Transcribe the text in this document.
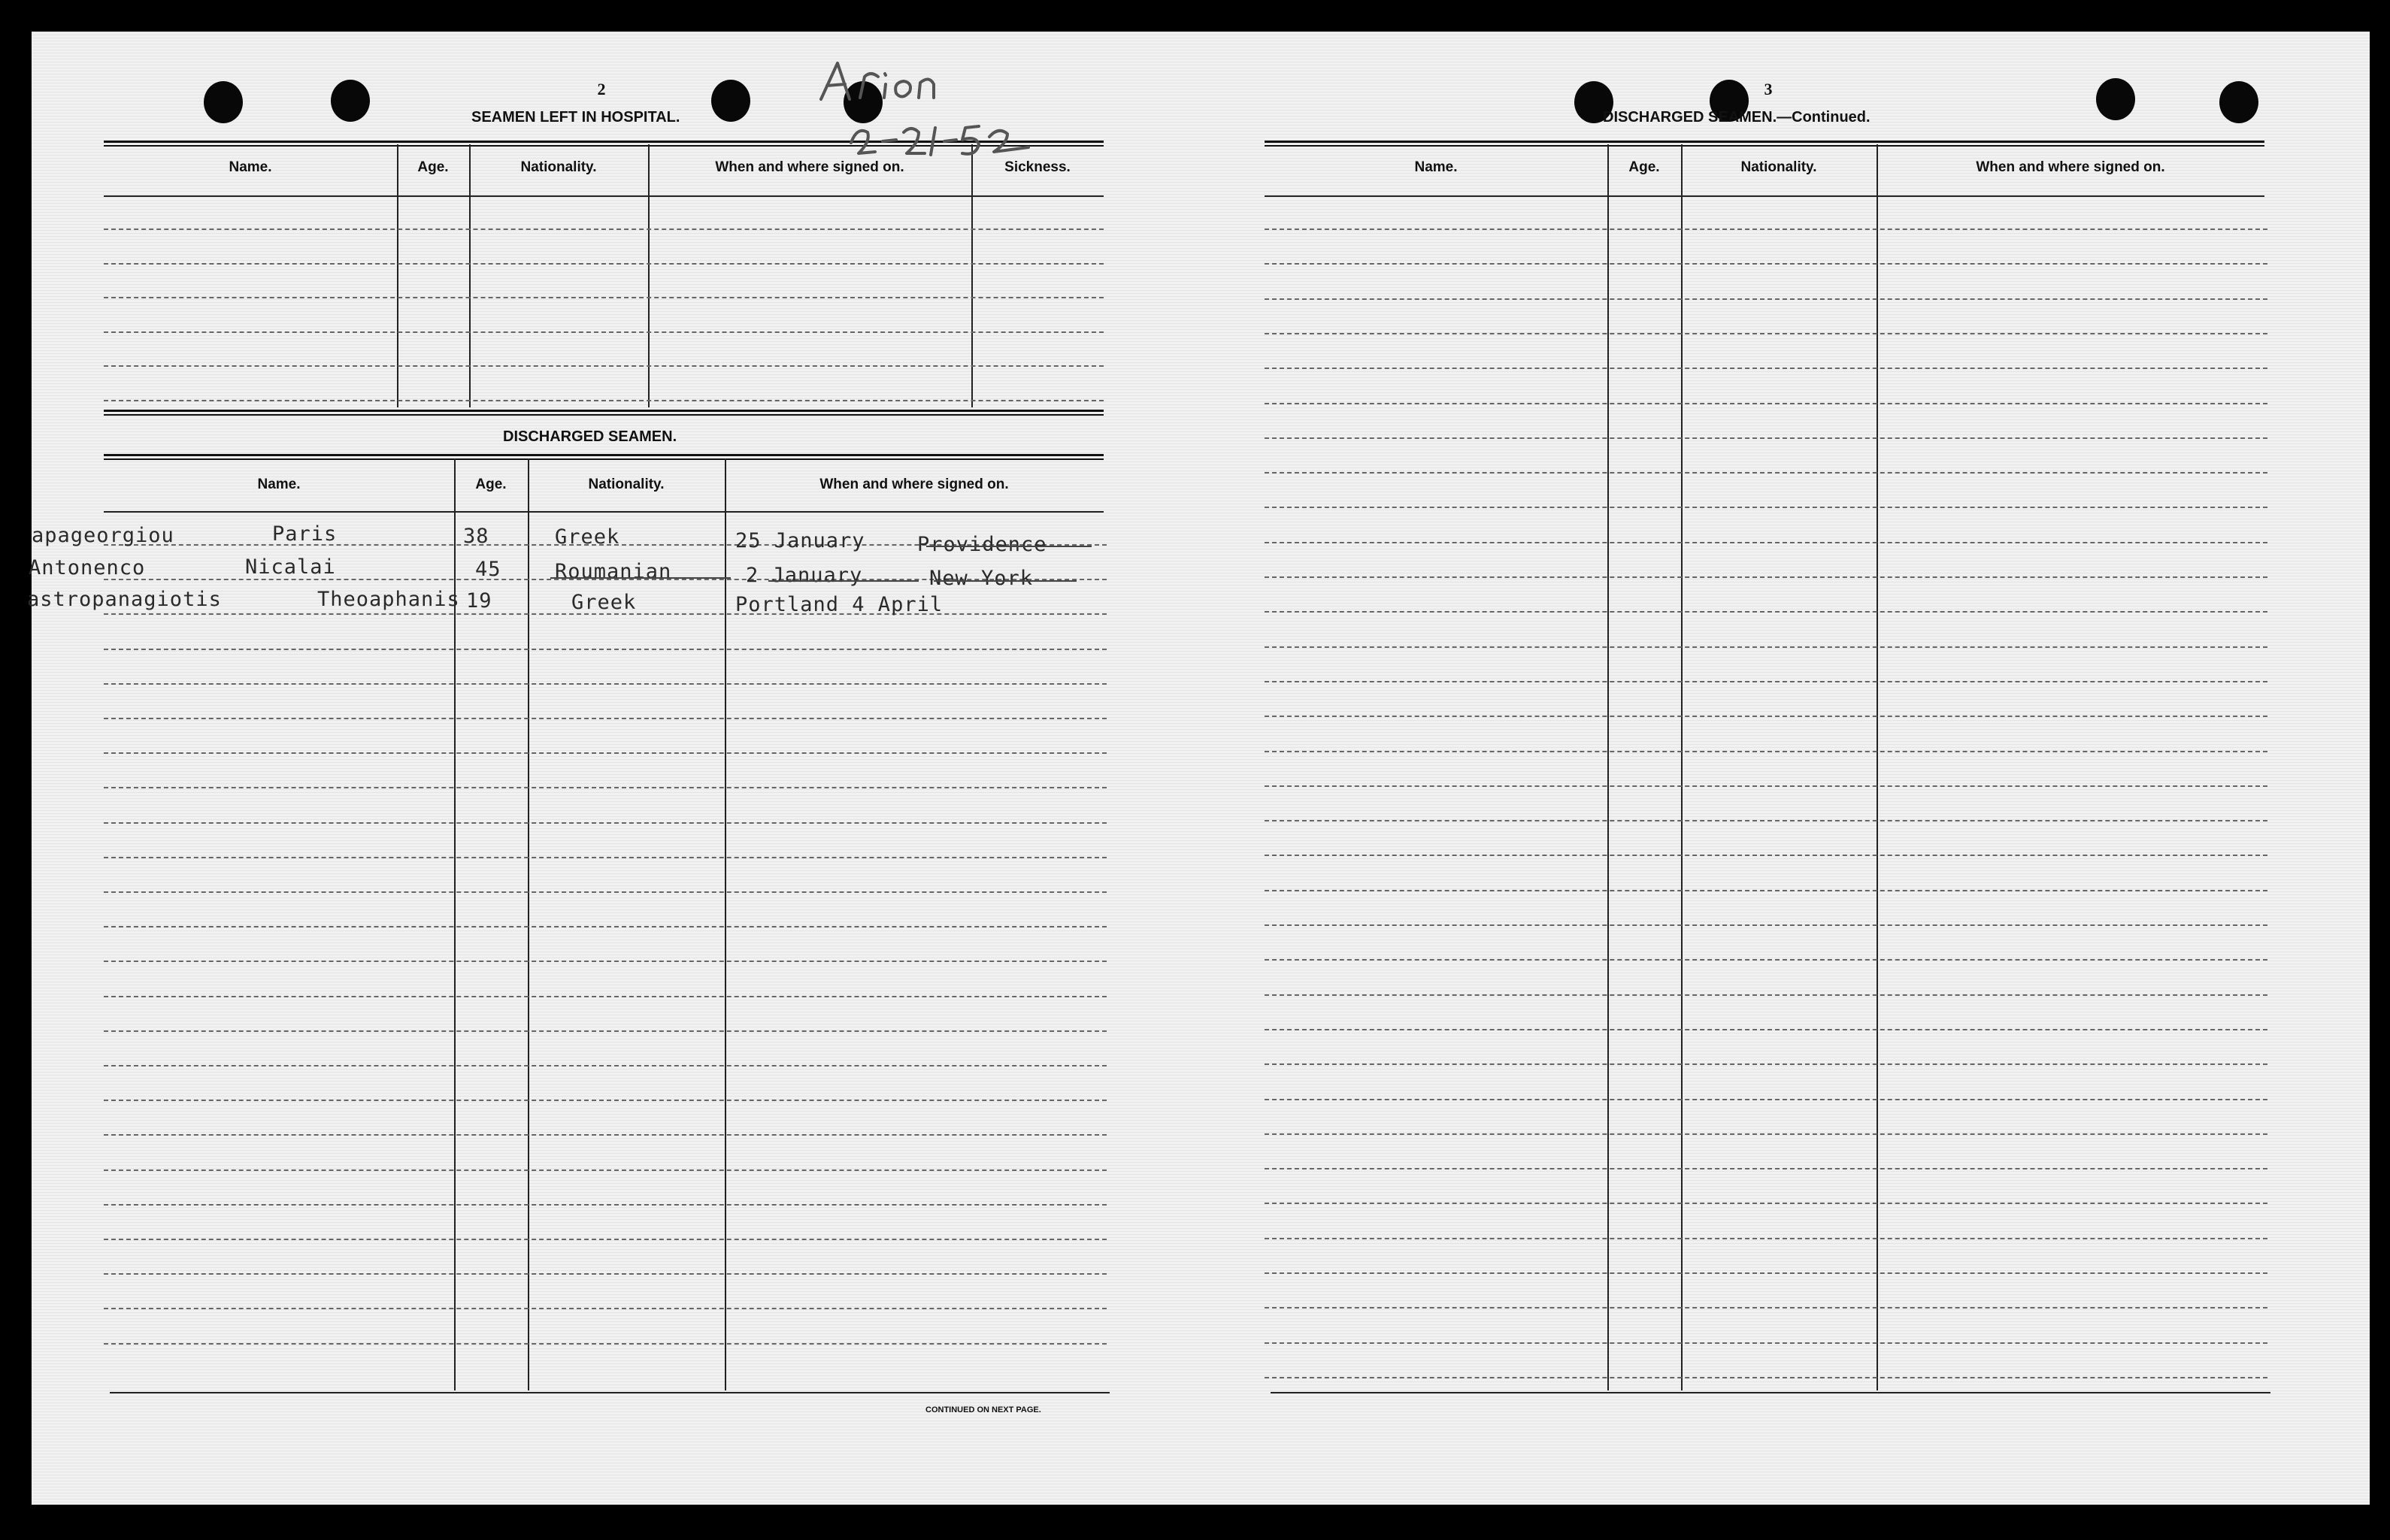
2
SEAMEN LEFT IN HOSPITAL.
Name.	Age.	Nationality.	When and where signed on.	Sickness.
DISCHARGED SEAMEN.
Name.	Age.	Nationality.	When and where signed on.
apageorgiou	Paris	38	Greek	25 January	Providence
Antonenco	Nicalai	45	Roumanian	2 January	New York
astropanagiotis	Theoaphanis 19	Greek	Portland 4 April
CONTINUED ON NEXT PAGE.
3
DISCHARGED SEAMEN.—Continued.
Name.	Age.	Nationality.	When and where signed on.
